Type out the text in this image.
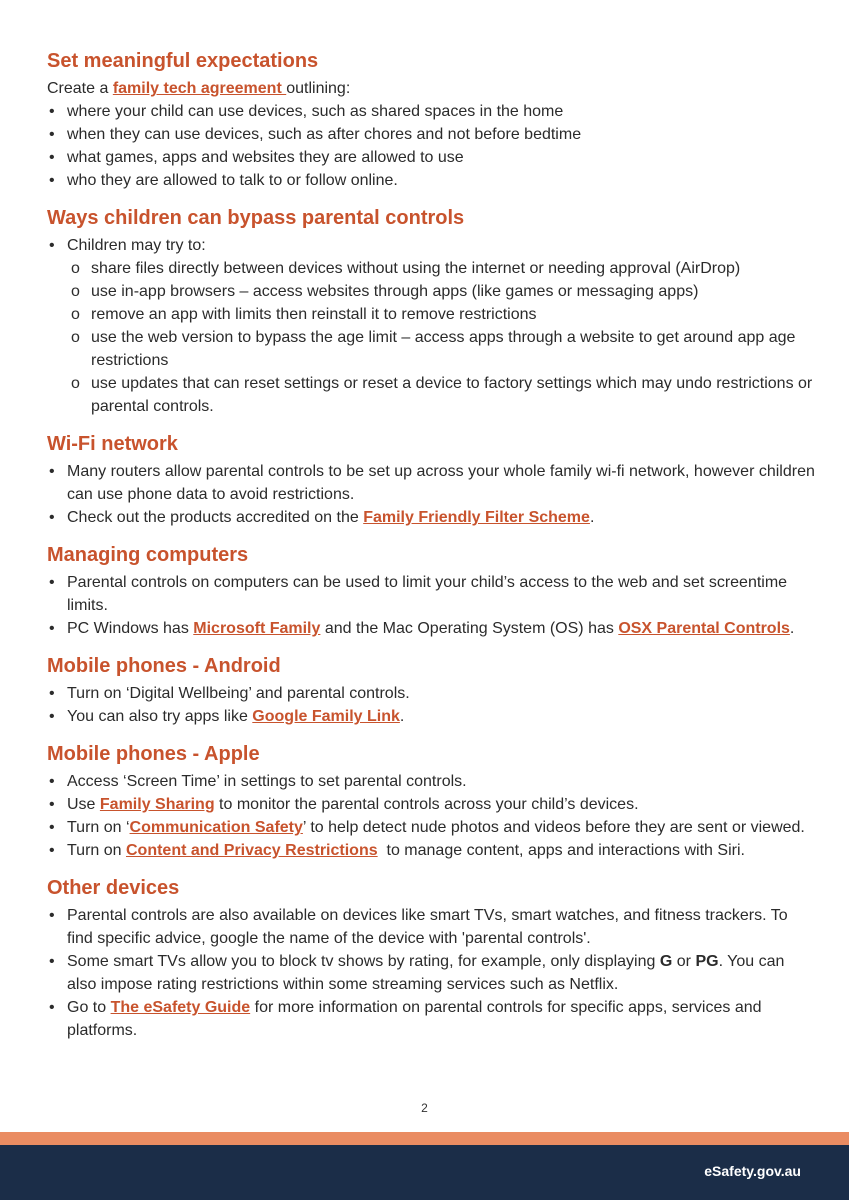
Set meaningful expectations

Create a family tech agreement outlining:

• where your child can use devices, such as shared spaces in the home
• when they can use devices, such as after chores and not before bedtime
• what games, apps and websites they are allowed to use
• who they are allowed to talk to or follow online.
Ways children can bypass parental controls
• Children may try to:
o share files directly between devices without using the internet or needing approval (AirDrop)
o use in-app browsers – access websites through apps (like games or messaging apps)
o remove an app with limits then reinstall it to remove restrictions
o use the web version to bypass the age limit – access apps through a website to get around app age restrictions
o use updates that can reset settings or reset a device to factory settings which may undo restrictions or parental controls.
Wi-Fi network
• Many routers allow parental controls to be set up across your whole family wi-fi network, however children can use phone data to avoid restrictions.
• Check out the products accredited on the Family Friendly Filter Scheme.
Managing computers
• Parental controls on computers can be used to limit your child’s access to the web and set screentime limits.
• PC Windows has Microsoft Family and the Mac Operating System (OS) has OSX Parental Controls.
Mobile phones - Android
• Turn on ‘Digital Wellbeing’ and parental controls.
• You can also try apps like Google Family Link.
Mobile phones - Apple
• Access ‘Screen Time’ in settings to set parental controls.
• Use Family Sharing to monitor the parental controls across your child’s devices.
• Turn on ‘Communication Safety’ to help detect nude photos and videos before they are sent or viewed.
• Turn on Content and Privacy Restrictions  to manage content, apps and interactions with Siri.
Other devices
• Parental controls are also available on devices like smart TVs, smart watches, and fitness trackers. To find specific advice, google the name of the device with 'parental controls'.
• Some smart TVs allow you to block tv shows by rating, for example, only displaying G or PG. You can also impose rating restrictions within some streaming services such as Netflix.
• Go to The eSafety Guide for more information on parental controls for specific apps, services and platforms.
2
eSafety.gov.au
